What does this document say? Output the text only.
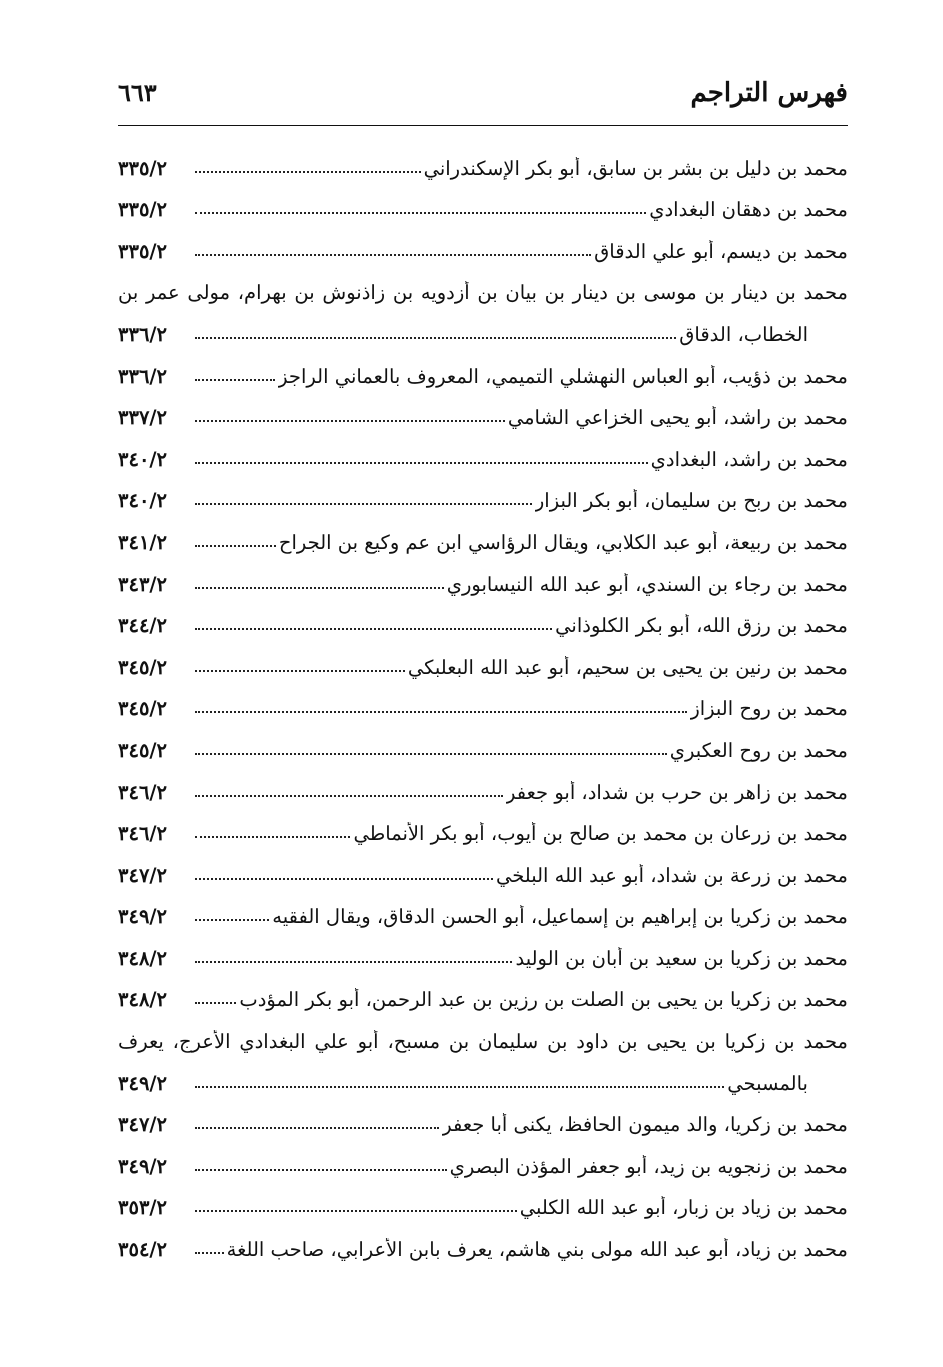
فهرس التراجم
٦٦٣
محمد بن دليل بن بشر بن سابق، أبو بكر الإسكندراني
٣٣٥/٢
محمد بن دهقان البغدادي
٣٣٥/٢
محمد بن ديسم، أبو علي الدقاق
٣٣٥/٢
محمد بن دينار بن موسى بن دينار بن بيان بن أزدويه بن زاذنوش بن بهرام، مولى عمر بن
الخطاب، الدقاق
٣٣٦/٢
محمد بن ذؤيب، أبو العباس النهشلي التميمي، المعروف بالعماني الراجز
٣٣٦/٢
محمد بن راشد، أبو يحيى الخزاعي الشامي
٣٣٧/٢
محمد بن راشد، البغدادي
٣٤٠/٢
محمد بن ربح بن سليمان، أبو بكر البزار
٣٤٠/٢
محمد بن ربيعة، أبو عبد الكلابي، ويقال الرؤاسي ابن عم وكيع بن الجراح
٣٤١/٢
محمد بن رجاء بن السندي، أبو عبد الله النيسابوري
٣٤٣/٢
محمد بن رزق الله، أبو بكر الكلوذاني
٣٤٤/٢
محمد بن رنين بن يحيى بن سحيم، أبو عبد الله البعلبكي
٣٤٥/٢
محمد بن روح البزاز
٣٤٥/٢
محمد بن روح العكبري
٣٤٥/٢
محمد بن زاهر بن حرب بن شداد، أبو جعفر
٣٤٦/٢
محمد بن زرعان بن محمد بن صالح بن أيوب، أبو بكر الأنماطي
٣٤٦/٢
محمد بن زرعة بن شداد، أبو عبد الله البلخي
٣٤٧/٢
محمد بن زكريا بن إبراهيم بن إسماعيل، أبو الحسن الدقاق، ويقال الفقيه
٣٤٩/٢
محمد بن زكريا بن سعيد بن أبان بن الوليد
٣٤٨/٢
محمد بن زكريا بن يحيى بن الصلت بن رزين بن عبد الرحمن، أبو بكر المؤدب
٣٤٨/٢
محمد بن زكريا بن يحيى بن داود بن سليمان بن مسبح، أبو علي البغدادي الأعرج، يعرف
بالمسبحي
٣٤٩/٢
محمد بن زكريا، والد ميمون الحافظ، يكنى أبا جعفر
٣٤٧/٢
محمد بن زنجويه بن زيد، أبو جعفر المؤذن البصري
٣٤٩/٢
محمد بن زياد بن زبار، أبو عبد الله الكلبي
٣٥٣/٢
محمد بن زياد، أبو عبد الله مولى بني هاشم، يعرف بابن الأعرابي، صاحب اللغة
٣٥٤/٢
